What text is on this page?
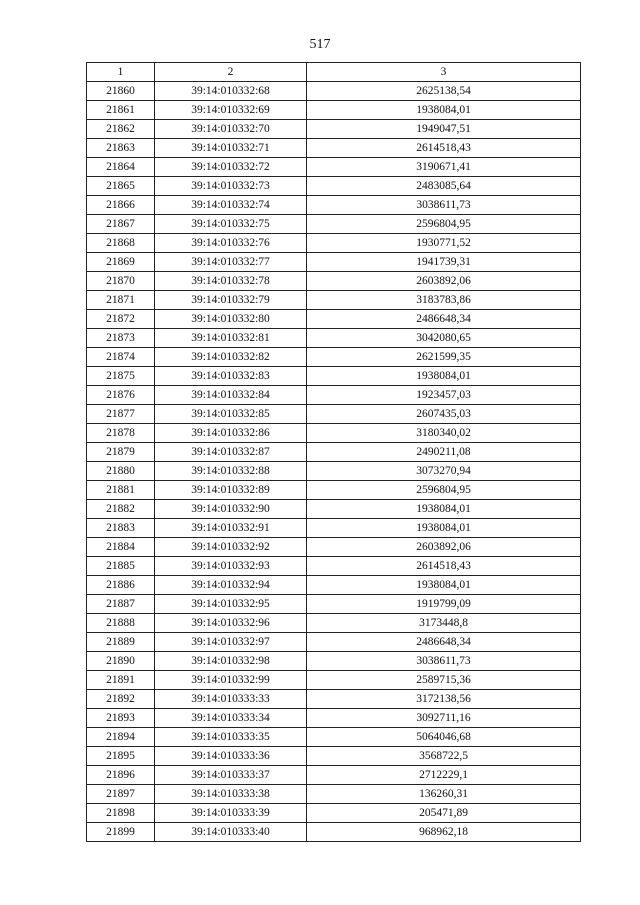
517
1	2	3
21860	39:14:010332:68	2625138,54
21861	39:14:010332:69	1938084,01
21862	39:14:010332:70	1949047,51
21863	39:14:010332:71	2614518,43
21864	39:14:010332:72	3190671,41
21865	39:14:010332:73	2483085,64
21866	39:14:010332:74	3038611,73
21867	39:14:010332:75	2596804,95
21868	39:14:010332:76	1930771,52
21869	39:14:010332:77	1941739,31
21870	39:14:010332:78	2603892,06
21871	39:14:010332:79	3183783,86
21872	39:14:010332:80	2486648,34
21873	39:14:010332:81	3042080,65
21874	39:14:010332:82	2621599,35
21875	39:14:010332:83	1938084,01
21876	39:14:010332:84	1923457,03
21877	39:14:010332:85	2607435,03
21878	39:14:010332:86	3180340,02
21879	39:14:010332:87	2490211,08
21880	39:14:010332:88	3073270,94
21881	39:14:010332:89	2596804,95
21882	39:14:010332:90	1938084,01
21883	39:14:010332:91	1938084,01
21884	39:14:010332:92	2603892,06
21885	39:14:010332:93	2614518,43
21886	39:14:010332:94	1938084,01
21887	39:14:010332:95	1919799,09
21888	39:14:010332:96	3173448,8
21889	39:14:010332:97	2486648,34
21890	39:14:010332:98	3038611,73
21891	39:14:010332:99	2589715,36
21892	39:14:010333:33	3172138,56
21893	39:14:010333:34	3092711,16
21894	39:14:010333:35	5064046,68
21895	39:14:010333:36	3568722,5
21896	39:14:010333:37	2712229,1
21897	39:14:010333:38	136260,31
21898	39:14:010333:39	205471,89
21899	39:14:010333:40	968962,18
